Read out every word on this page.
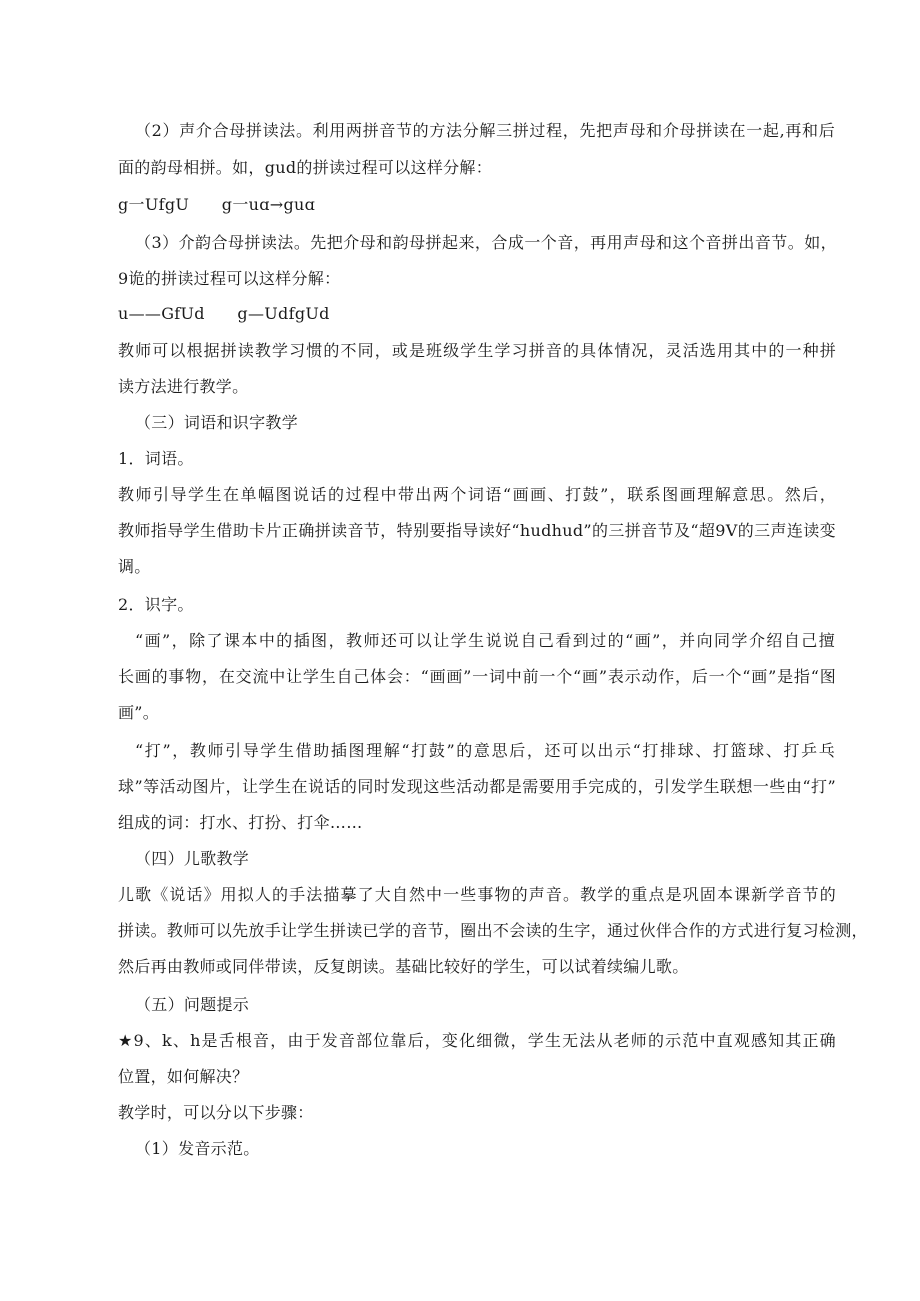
（2）声介合母拼读法。利用两拼音节的方法分解三拼过程，先把声母和介母拼读在一起,再和后
面的韵母相拼。如，gud的拼读过程可以这样分解：
g一UfgU　　g一uɑ→guɑ
（3）介韵合母拼读法。先把介母和韵母拼起来，合成一个音，再用声母和这个音拼出音节。如，
9诡的拼读过程可以这样分解：
u——GfUd　　g—UdfgUd
教师可以根据拼读教学习惯的不同，或是班级学生学习拼音的具体情况，灵活选用其中的一种拼
读方法进行教学。
（三）词语和识字教学
1．词语。
教师引导学生在单幅图说话的过程中带出两个词语“画画、打鼓”，联系图画理解意思。然后，
教师指导学生借助卡片正确拼读音节，特别要指导读好“hudhud”的三拼音节及“超9V的三声连读变
调。
2．识字。
“画”，除了课本中的插图，教师还可以让学生说说自己看到过的“画”，并向同学介绍自己擅
长画的事物，在交流中让学生自己体会：“画画”一词中前一个“画”表示动作，后一个“画”是指“图
画”。
“打”，教师引导学生借助插图理解“打鼓”的意思后，还可以出示“打排球、打篮球、打乒乓
球”等活动图片，让学生在说话的同时发现这些活动都是需要用手完成的，引发学生联想一些由“打”
组成的词：打水、打扮、打伞……
（四）儿歌教学
儿歌《说话》用拟人的手法描摹了大自然中一些事物的声音。教学的重点是巩固本课新学音节的
拼读。教师可以先放手让学生拼读已学的音节，圈出不会读的生字，通过伙伴合作的方式进行复习检测，
然后再由教师或同伴带读，反复朗读。基础比较好的学生，可以试着续编儿歌。
（五）问题提示
★9、k、h是舌根音，由于发音部位靠后，变化细微，学生无法从老师的示范中直观感知其正确
位置，如何解决？
教学时，可以分以下步骤：
（1）发音示范。
